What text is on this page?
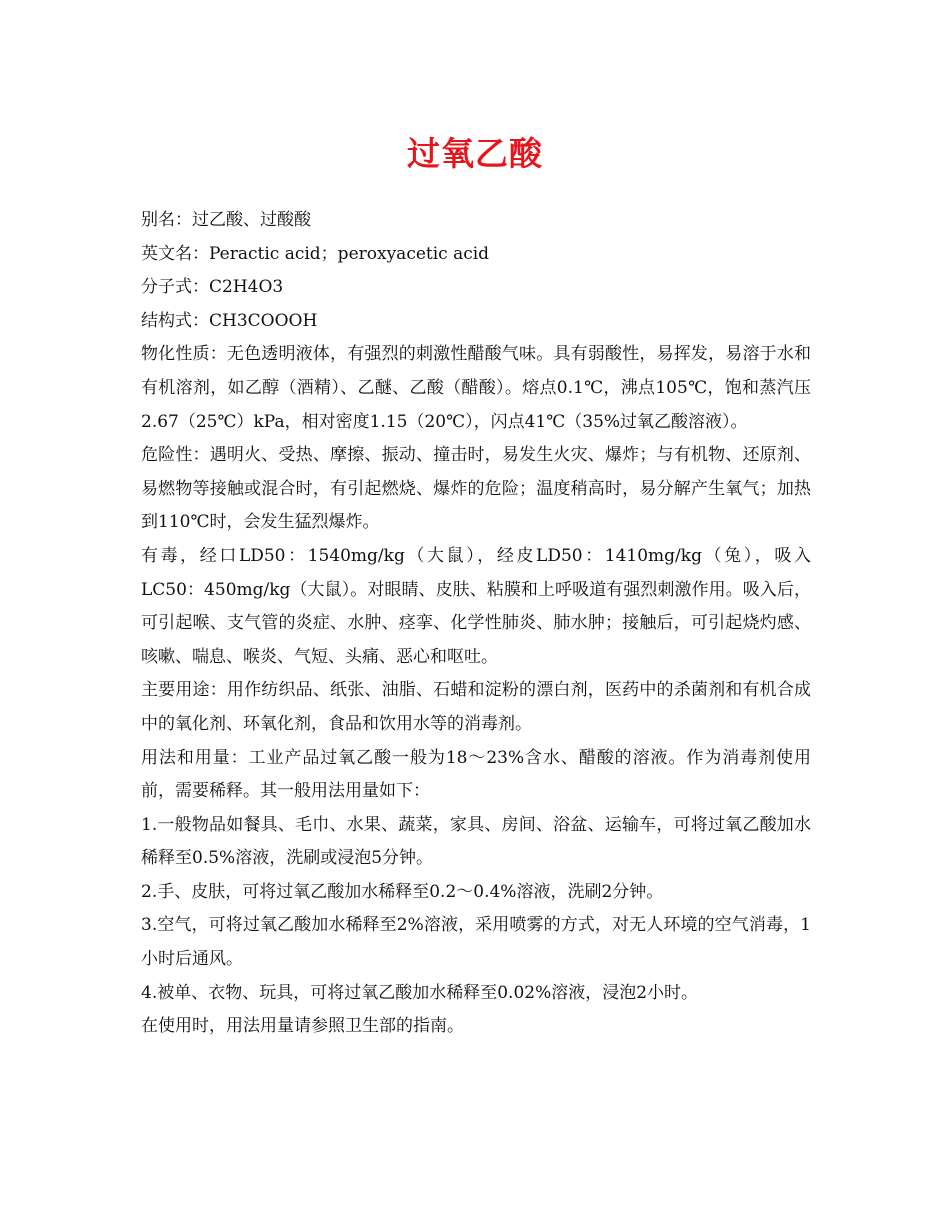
过氧乙酸

别名：过乙酸、过酸酸

英文名：Peractic acid；peroxyacetic acid

分子式：C2H4O3

结构式：CH3COOOH

物化性质：无色透明液体，有强烈的刺激性醋酸气味。具有弱酸性，易挥发，易溶于水和有机溶剂，如乙醇（酒精）、乙醚、乙酸（醋酸）。熔点0.1℃，沸点105℃，饱和蒸汽压2.67（25℃）kPa，相对密度1.15（20℃），闪点41℃（35%过氧乙酸溶液）。

危险性：遇明火、受热、摩擦、振动、撞击时，易发生火灾、爆炸；与有机物、还原剂、易燃物等接触或混合时，有引起燃烧、爆炸的危险；温度稍高时，易分解产生氧气；加热到110℃时，会发生猛烈爆炸。

有毒，经口LD50：1540mg/kg（大鼠），经皮LD50：1410mg/kg（兔），吸入LC50：450mg/kg（大鼠）。对眼睛、皮肤、粘膜和上呼吸道有强烈刺激作用。吸入后，可引起喉、支气管的炎症、水肿、痉挛、化学性肺炎、肺水肿；接触后，可引起烧灼感、咳嗽、喘息、喉炎、气短、头痛、恶心和呕吐。

主要用途：用作纺织品、纸张、油脂、石蜡和淀粉的漂白剂，医药中的杀菌剂和有机合成中的氧化剂、环氧化剂，食品和饮用水等的消毒剂。

用法和用量：工业产品过氧乙酸一般为18～23%含水、醋酸的溶液。作为消毒剂使用前，需要稀释。其一般用法用量如下：

1.一般物品如餐具、毛巾、水果、蔬菜，家具、房间、浴盆、运输车，可将过氧乙酸加水稀释至0.5%溶液，洗刷或浸泡5分钟。

2.手、皮肤，可将过氧乙酸加水稀释至0.2～0.4%溶液，洗刷2分钟。

3.空气，可将过氧乙酸加水稀释至2%溶液，采用喷雾的方式，对无人环境的空气消毒，1小时后通风。

4.被单、衣物、玩具，可将过氧乙酸加水稀释至0.02%溶液，浸泡2小时。

在使用时，用法用量请参照卫生部的指南。
